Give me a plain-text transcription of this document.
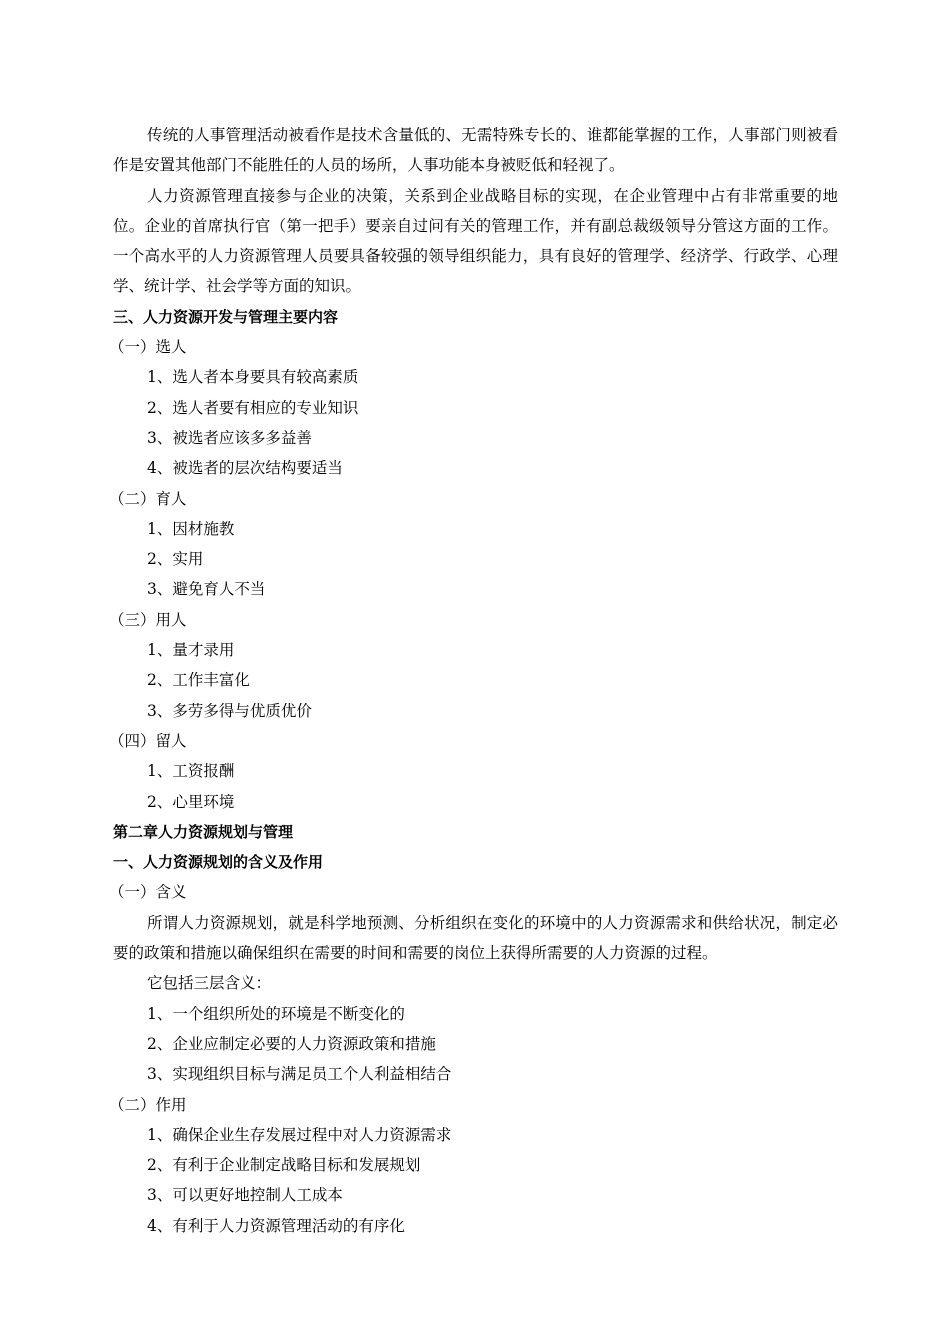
传统的人事管理活动被看作是技术含量低的、无需特殊专长的、谁都能掌握的工作，人事部门则被看作是安置其他部门不能胜任的人员的场所，人事功能本身被贬低和轻视了。

人力资源管理直接参与企业的决策，关系到企业战略目标的实现，在企业管理中占有非常重要的地位。企业的首席执行官（第一把手）要亲自过问有关的管理工作，并有副总裁级领导分管这方面的工作。一个高水平的人力资源管理人员要具备较强的领导组织能力，具有良好的管理学、经济学、行政学、心理学、统计学、社会学等方面的知识。

三、人力资源开发与管理主要内容

（一）选人

1、选人者本身要具有较高素质

2、选人者要有相应的专业知识

3、被选者应该多多益善

4、被选者的层次结构要适当

（二）育人

1、因材施教

2、实用

3、避免育人不当

（三）用人

1、量才录用

2、工作丰富化

3、多劳多得与优质优价

（四）留人

1、工资报酬

2、心里环境

第二章人力资源规划与管理

一、人力资源规划的含义及作用

（一）含义

所谓人力资源规划，就是科学地预测、分析组织在变化的环境中的人力资源需求和供给状况，制定必要的政策和措施以确保组织在需要的时间和需要的岗位上获得所需要的人力资源的过程。

它包括三层含义：

1、一个组织所处的环境是不断变化的

2、企业应制定必要的人力资源政策和措施

3、实现组织目标与满足员工个人利益相结合

（二）作用

1、确保企业生存发展过程中对人力资源需求

2、有利于企业制定战略目标和发展规划

3、可以更好地控制人工成本

4、有利于人力资源管理活动的有序化
